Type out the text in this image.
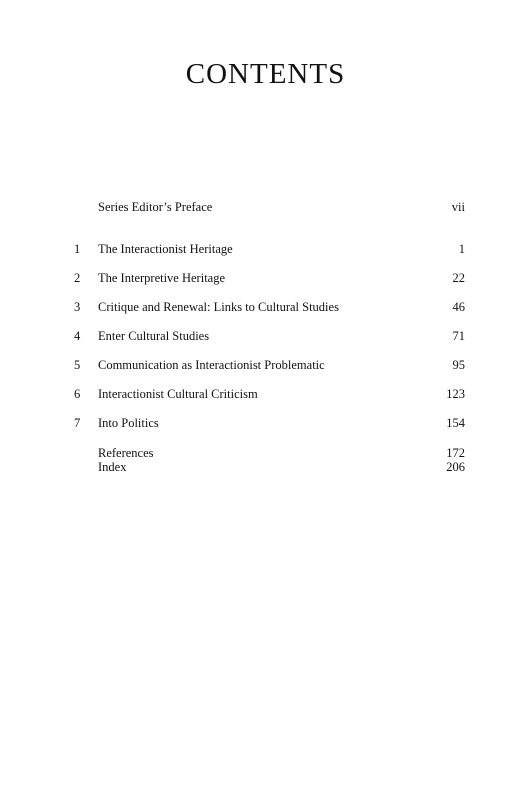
CONTENTS
Series Editor’s Preface	vii
1	The Interactionist Heritage	1
2	The Interpretive Heritage	22
3	Critique and Renewal: Links to Cultural Studies	46
4	Enter Cultural Studies	71
5	Communication as Interactionist Problematic	95
6	Interactionist Cultural Criticism	123
7	Into Politics	154
References	172
Index	206
